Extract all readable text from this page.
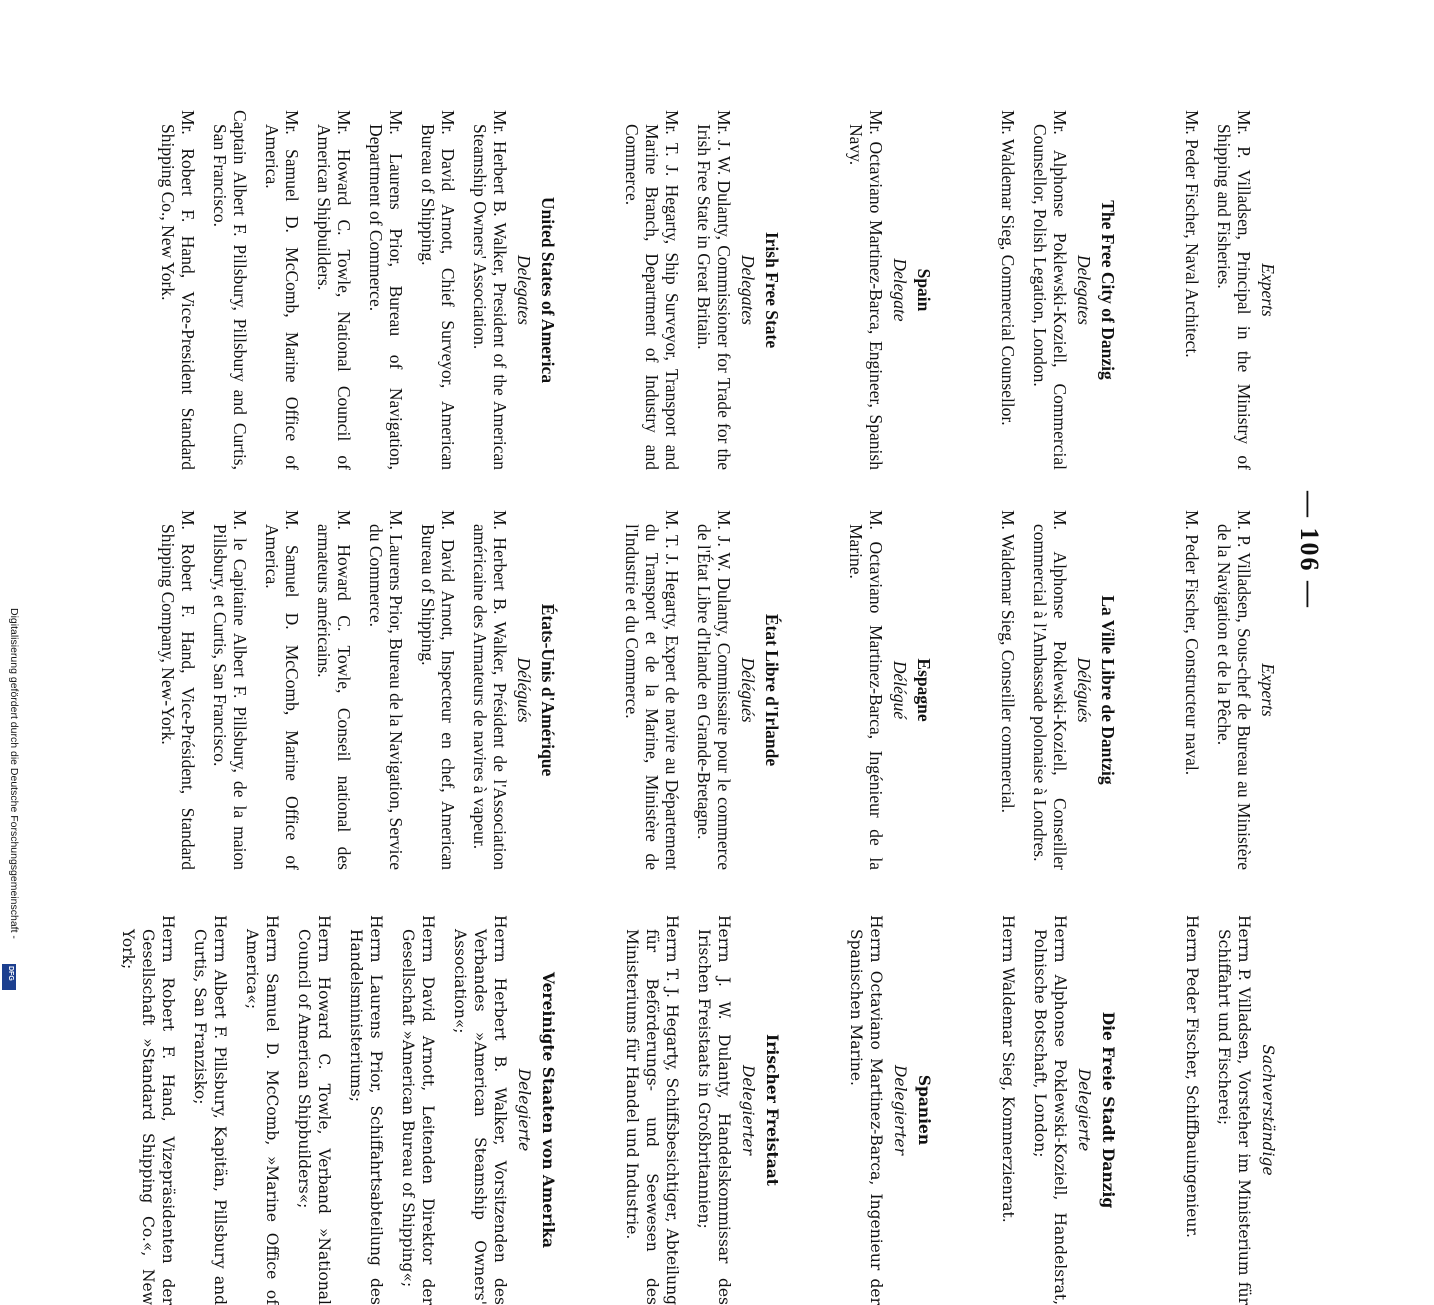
— 106 —
Experts
Mr. P. Villadsen, Principal in the Ministry of Shipping and Fisheries.
Mr. Peder Fischer, Naval Architect.
The Free City of Danzig
Delegates
Mr. Alphonse Poklewski-Koziell, Commercial Counsellor, Polish Legation, London.
Mr. Waldemar Sieg, Commercial Counsellor.
Spain
Delegate
Mr. Octaviano Martinez-Barca, Engineer, Spanish Navy.
Irish Free State
Delegates
Mr. J. W. Dulanty, Commissioner for Trade for the Irish Free State in Great Britain.
Mr. T. J. Hegarty, Ship Surveyor, Transport and Marine Branch, Department of Industry and Commerce.
United States of America
Delegates
Mr. Herbert B. Walker, President of the American Steamship Owners' Association.
Mr. David Arnott, Chief Surveyor, American Bureau of Shipping.
Mr. Laurens Prior, Bureau of Navigation, Department of Commerce.
Mr. Howard C. Towle, National Council of American Shipbuilders.
Mr. Samuel D. McComb, Marine Office of America.
Captain Albert F. Pillsbury, Pillsbury and Curtis, San Francisco.
Mr. Robert F. Hand, Vice-President Standard Shipping Co., New York.
Experts
M. P. Villadsen, Sous-chef de Bureau au Ministère de la Navigation et de la Pêche.
M. Peder Fischer, Constructeur naval.
La Ville Libre de Dantzig
Délégués
M. Alphonse Poklewski-Koziell, Conseiller commercial à l'Ambassade polonaise à Londres.
M. Waldemar Sieg, Conseiller commercial.
Espagne
Délégué
M. Octaviano Martinez-Barca, Ingénieur de la Marine.
État Libre d'Irlande
Délégués
M. J. W. Dulanty, Commissaire pour le commerce de l'État Libre d'Irlande en Grande-Bretagne.
M. T. J. Hegarty, Expert de navire au Département du Transport et de la Marine, Ministère de l'Industrie et du Commerce.
États-Unis d'Amérique
Délégués
M. Herbert B. Walker, Président de l'Association américaine des Armateurs de navires à vapeur.
M. David Arnott, Inspecteur en chef, American Bureau of Shipping.
M. Laurens Prior, Bureau de la Navigation, Service du Commerce.
M. Howard C. Towle, Conseil national des armateurs américains.
M. Samuel D. McComb, Marine Office of America.
M. le Capitaine Albert F. Pillsbury, de la maion Pillsbury, et Curtis, San Francisco.
M. Robert F. Hand, Vice-Président, Standard Shipping Company, New-York.
Sachverständige
Herrn P. Villadsen, Vorsteher im Ministerium für Schiffahrt und Fischerei;
Herrn Peder Fischer, Schiffbauingenieur.
Die Freie Stadt Danzig
Delegierte
Herrn Alphonse Poklewski-Koziell, Handelsrat, Polnische Botschaft, London;
Herrn Waldemar Sieg, Kommerzienrat.
Spanien
Delegierter
Herrn Octaviano Martinez-Barca, Ingenieur der Spanischen Marine.
Irischer Freistaat
Delegierter
Herrn J. W. Dulanty, Handelskommissar des Irischen Freistaats in Großbritannien;
Herrn T. J. Hegarty, Schiffsbesichtiger, Abteilung für Beförderungs- und Seewesen des Ministeriums für Handel und Industrie.
Vereinigte Staaten von Amerika
Delegierte
Herrn Herbert B. Walker, Vorsitzenden des Verbandes »American Steamship Owners' Association«;
Herrn David Arnott, Leitenden Direktor der Gesellschaft »American Bureau of Shipping«;
Herrn Laurens Prior, Schiffahrtsabteilung des Handelsministeriums;
Herrn Howard C. Towle, Verband »National Council of American Shipbuilders«;
Herrn Samuel D. McComb, »Marine Office of America«;
Herrn Albert F. Pillsbury, Kapitän, Pillsbury and Curtis, San Franzisko;
Herrn Robert F. Hand, Vizepräsidenten der Gesellschaft »Standard Shipping Co.«, New York;
Digitalisierung gefördert durch die Deutsche Forschungsgemeinschaft -
DFG
